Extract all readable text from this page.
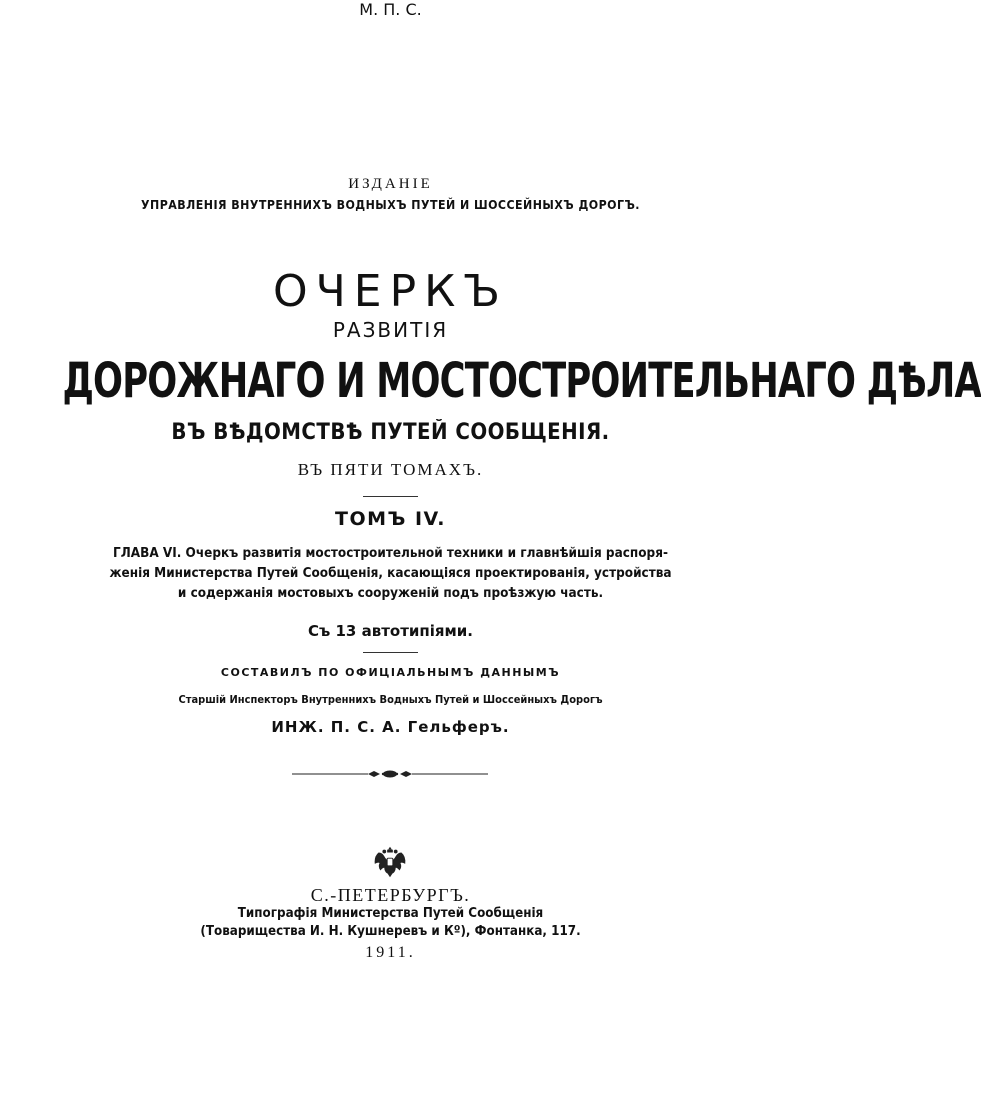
М. П. С.
ИЗДАНIЕ
УПРАВЛЕНIЯ ВНУТРЕННИХЪ ВОДНЫХЪ ПУТЕЙ И ШОССЕЙНЫХЪ ДОРОГЪ.
ОЧЕРКЪ
РАЗВИТIЯ
ДОРОЖНАГО И МОСТОСТРОИТЕЛЬНАГО ДѢЛА
ВЪ ВѢДОМСТВѢ ПУТЕЙ СООБЩЕНIЯ.
ВЪ ПЯТИ ТОМАХЪ.
ТОМЪ IV.
ГЛАВА VI. Очеркъ развитiя мостостроительной техники и главнѣйшiя распоря-
женiя Министерства Путей Сообщенiя, касающiяся проектированiя, устройства
и содержанiя мостовыхъ сооруженiй подъ проѣзжую часть.
Съ 13 автотипiями.
СОСТАВИЛЪ ПО ОФИЦIАЛЬНЫМЪ ДАННЫМЪ
Старшiй Инспекторъ Внутреннихъ Водныхъ Путей и Шоссейныхъ Дорогъ
ИНЖ. П. С. А. Гельферъ.
С.-ПЕТЕРБУРГЪ.
Типографiя Министерства Путей Сообщенiя
(Товарищества И. Н. Кушнеревъ и Кº), Фонтанка, 117.
1911.
